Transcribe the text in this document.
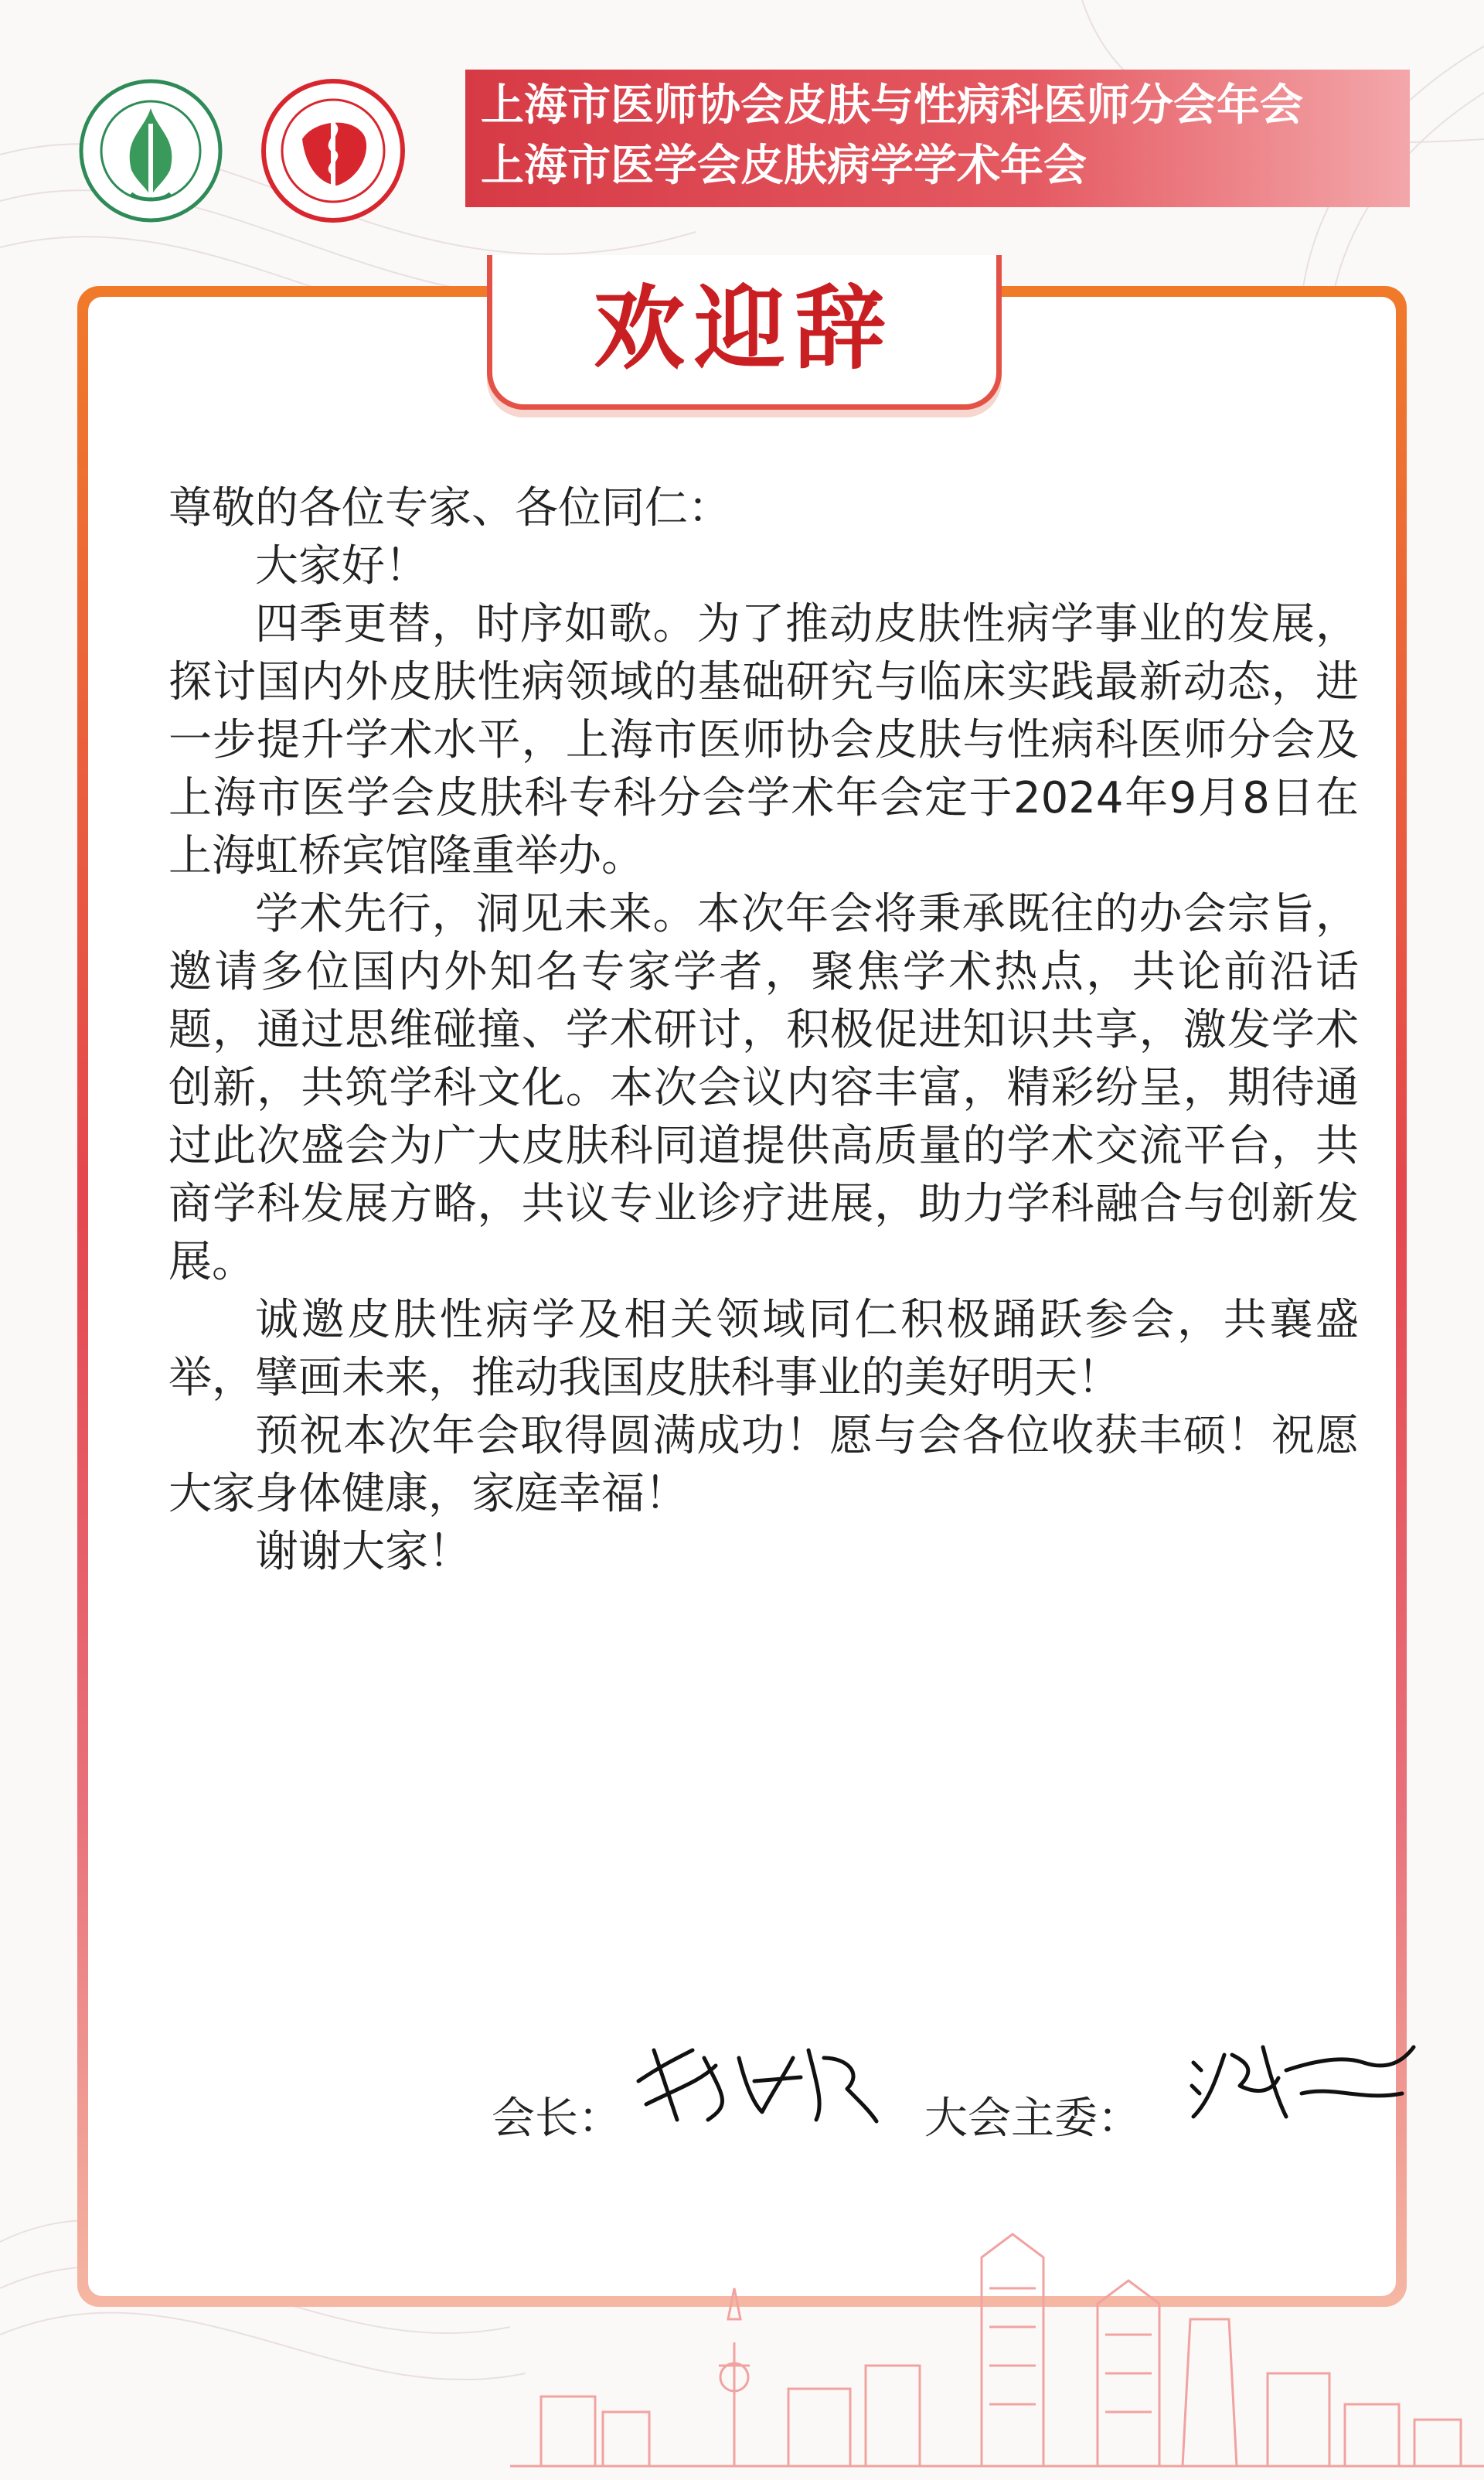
上海市医师协会皮肤与性病科医师分会年会
上海市医学会皮肤病学学术年会
欢迎辞

尊敬的各位专家、各位同仁：

大家好！

四季更替，时序如歌。为了推动皮肤性病学事业的发展，探讨国内外皮肤性病领域的基础研究与临床实践最新动态，进一步提升学术水平，上海市医师协会皮肤与性病科医师分会及上海市医学会皮肤科专科分会学术年会定于2024年9月8日在上海虹桥宾馆隆重举办。

学术先行，洞见未来。本次年会将秉承既往的办会宗旨，邀请多位国内外知名专家学者，聚焦学术热点，共论前沿话题，通过思维碰撞、学术研讨，积极促进知识共享，激发学术创新，共筑学科文化。本次会议内容丰富，精彩纷呈，期待通过此次盛会为广大皮肤科同道提供高质量的学术交流平台，共商学科发展方略，共议专业诊疗进展，助力学科融合与创新发展。

诚邀皮肤性病学及相关领域同仁积极踊跃参会，共襄盛举，擘画未来，推动我国皮肤科事业的美好明天！

预祝本次年会取得圆满成功！愿与会各位收获丰硕！祝愿大家身体健康，家庭幸福！

谢谢大家！

会长：	大会主委：
